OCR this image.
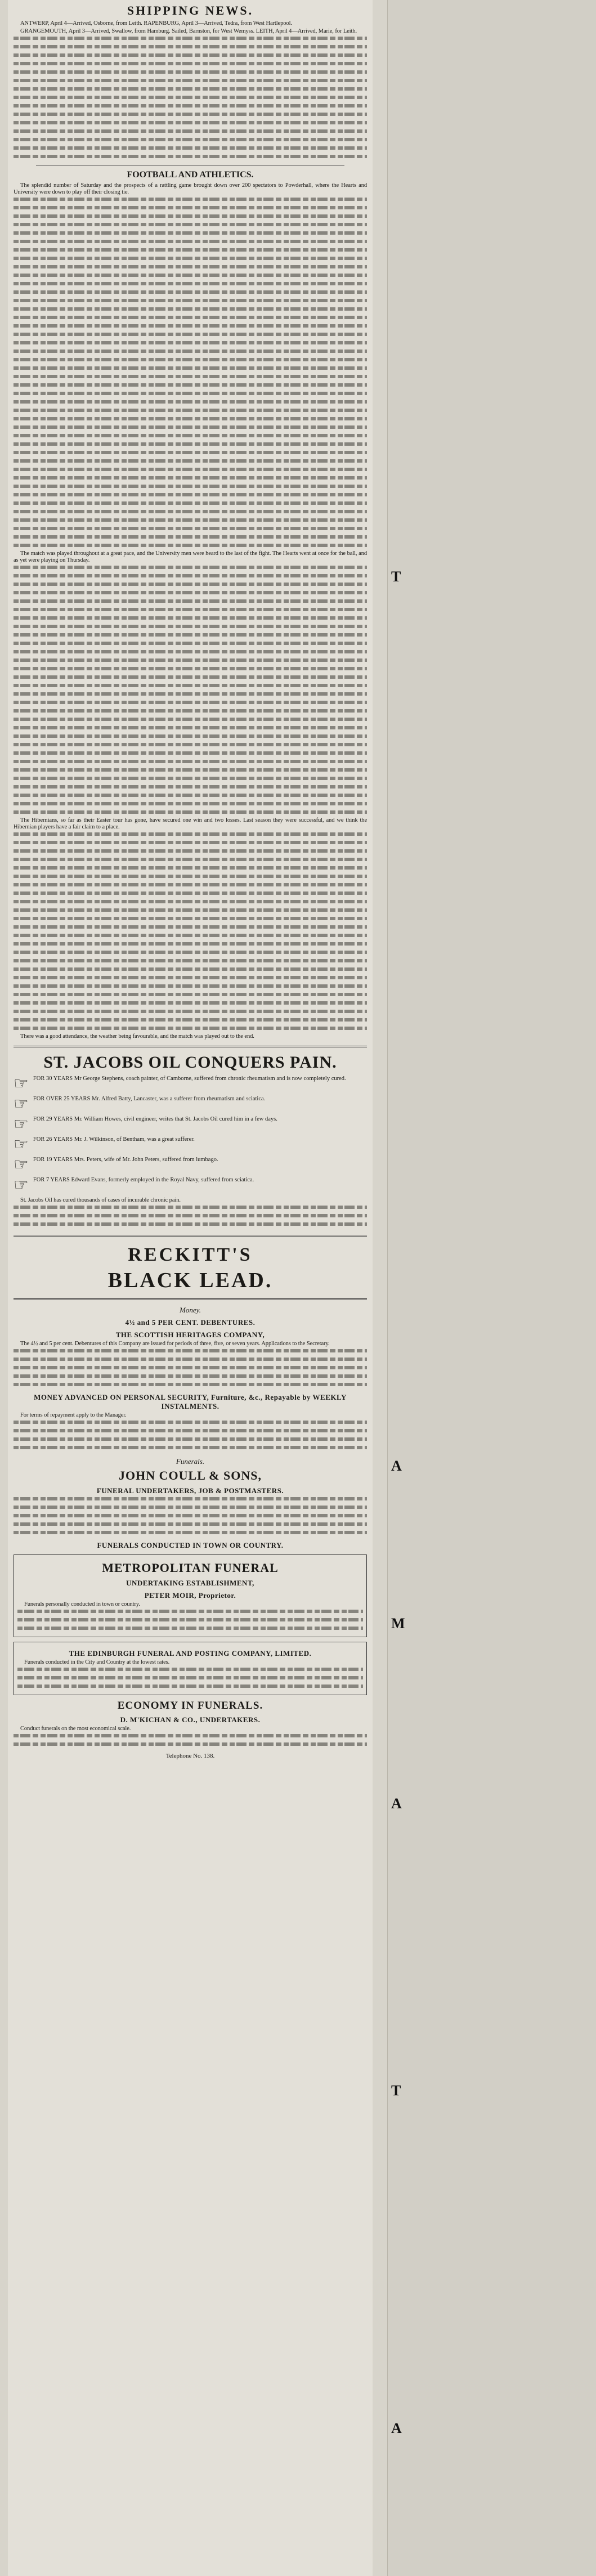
SHIPPING NEWS.

ANTWERP, April 4—Arrived, Osborne, from Leith. RAPENBURG, April 3—Arrived, Tedra, from West Hartlepool.

GRANGEMOUTH, April 3—Arrived, Swallow, from Hamburg. Sailed, Barnston, for West Wemyss. LEITH, April 4—Arrived, Marie, for Leith.

FOOTBALL AND ATHLETICS.

The splendid number of Saturday and the prospects of a rattling game brought down over 200 spectators to Powderhall, where the Hearts and University were down to play off their closing tie.

The match was played throughout at a great pace, and the University men were heard to the last of the fight. The Hearts went at once for the ball, and as yet were playing on Thursday.

The Hibernians, so far as their Easter tour has gone, have secured one win and two losses. Last season they were successful, and we think the Hibernian players have a fair claim to a place.

There was a good attendance, the weather being favourable, and the match was played out to the end.

ST. JACOBS OIL CONQUERS PAIN.
☞ FOR 30 YEARS Mr George Stephens, coach painter, of Camborne, suffered from chronic rheumatism and is now completely cured.
☞ FOR OVER 25 YEARS Mr. Alfred Batty, Lancaster, was a sufferer from rheumatism and sciatica.
☞ FOR 29 YEARS Mr. William Howes, civil engineer, writes that St. Jacobs Oil cured him in a few days.
☞ FOR 26 YEARS Mr. J. Wilkinson, of Bentham, was a great sufferer.
☞ FOR 19 YEARS Mrs. Peters, wife of Mr. John Peters, suffered from lumbago.
☞ FOR 7 YEARS Edward Evans, formerly employed in the Royal Navy, suffered from sciatica.

St. Jacobs Oil has cured thousands of cases of incurable chronic pain.

RECKITT'S
BLACK LEAD.
Money.
4½ and 5 PER CENT. DEBENTURES.
THE SCOTTISH HERITAGES COMPANY,

The 4½ and 5 per cent. Debentures of this Company are issued for periods of three, five, or seven years. Applications to the Secretary.

MONEY ADVANCED ON PERSONAL SECURITY, Furniture, &c., Repayable by WEEKLY INSTALMENTS.

For terms of repayment apply to the Manager.

Funerals.
JOHN COULL & SONS,
FUNERAL UNDERTAKERS, JOB & POSTMASTERS.
FUNERALS CONDUCTED IN TOWN OR COUNTRY.
METROPOLITAN FUNERAL
UNDERTAKING ESTABLISHMENT,
PETER MOIR, Proprietor.

Funerals personally conducted in town or country.

THE EDINBURGH FUNERAL AND POSTING COMPANY, LIMITED.

Funerals conducted in the City and Country at the lowest rates.

ECONOMY IN FUNERALS.
D. M'KICHAN & CO., UNDERTAKERS.

Conduct funerals on the most economical scale.

Telephone No. 138.
T
A
M
A
T
A
